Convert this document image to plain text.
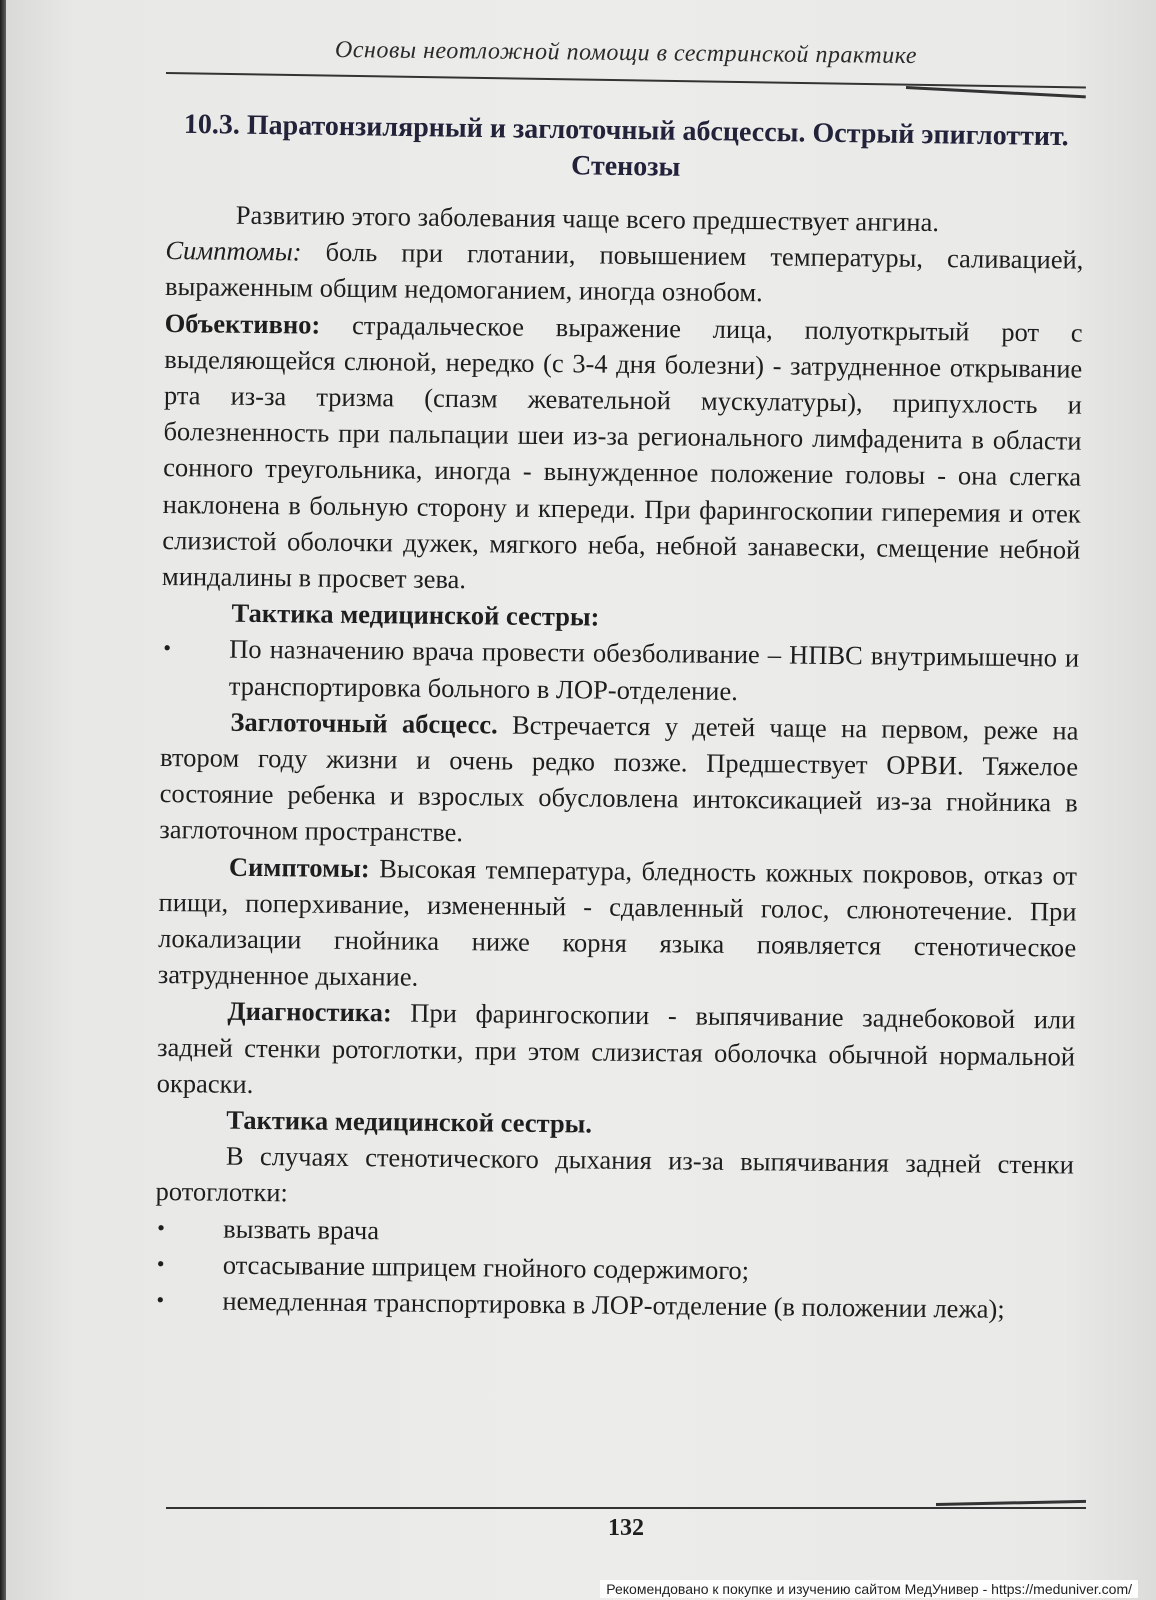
Основы неотложной помощи в сестринской практике
10.3. Паратонзилярный и заглоточный абсцессы. Острый эпиглоттит. Стенозы

Развитию этого заболевания чаще всего предшествует ангина.

Симптомы: боль при глотании, повышением температуры, саливацией, выраженным общим недомоганием, иногда ознобом.

Объективно: страдальческое выражение лица, полуоткрытый рот с выделяющейся слюной, нередко (с 3-4 дня болезни) - затрудненное открывание рта из-за тризма (спазм жевательной мускулатуры), припухлость и болезненность при пальпации шеи из-за регионального лимфаденита в области сонного треугольника, иногда - вынужденное положение головы - она слегка наклонена в больную сторону и кпереди. При фарингоскопии гиперемия и отек слизистой оболочки дужек, мягкого неба, небной занавески, смещение небной миндалины в просвет зева.

Тактика медицинской сестры:

• По назначению врача провести обезболивание – НПВС внутримышечно и транспортировка больного в ЛОР-отделение.

Заглоточный абсцесс. Встречается у детей чаще на первом, реже на втором году жизни и очень редко позже. Предшествует ОРВИ. Тяжелое состояние ребенка и взрослых обусловлена интоксикацией из-за гнойника в заглоточном пространстве.

Симптомы: Высокая температура, бледность кожных покровов, отказ от пищи, поперхивание, измененный - сдавленный голос, слюнотечение. При локализации гнойника ниже корня языка появляется стенотическое затрудненное дыхание.

Диагностика: При фарингоскопии - выпячивание заднебоковой или задней стенки ротоглотки, при этом слизистая оболочка обычной нормальной окраски.

Тактика медицинской сестры.

В случаях стенотического дыхания из-за выпячивания задней стенки ротоглотки:

• вызвать врача
• отсасывание шприцем гнойного содержимого;
• немедленная транспортировка в ЛОР-отделение (в положении лежа);
132
Рекомендовано к покупке и изучению сайтом МедУнивер - https://meduniver.com/
